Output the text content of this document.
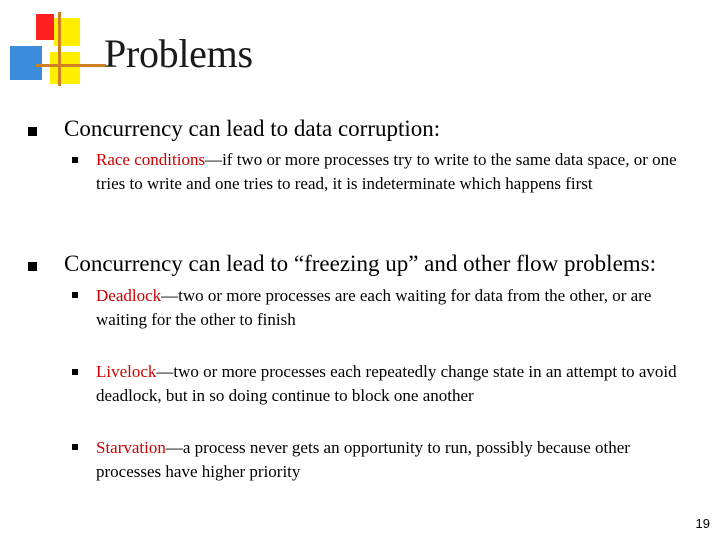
Problems
Concurrency can lead to data corruption:
Race conditions—if two or more processes try to write to the same data space, or one tries to write and one tries to read, it is indeterminate which happens first
Concurrency can lead to “freezing up” and other flow problems:
Deadlock—two or more processes are each waiting for data from the other, or are waiting for the other to finish
Livelock—two or more processes each repeatedly change state in an attempt to avoid deadlock, but in so doing continue to block one another
Starvation—a process never gets an opportunity to run, possibly because other processes have higher priority
19
